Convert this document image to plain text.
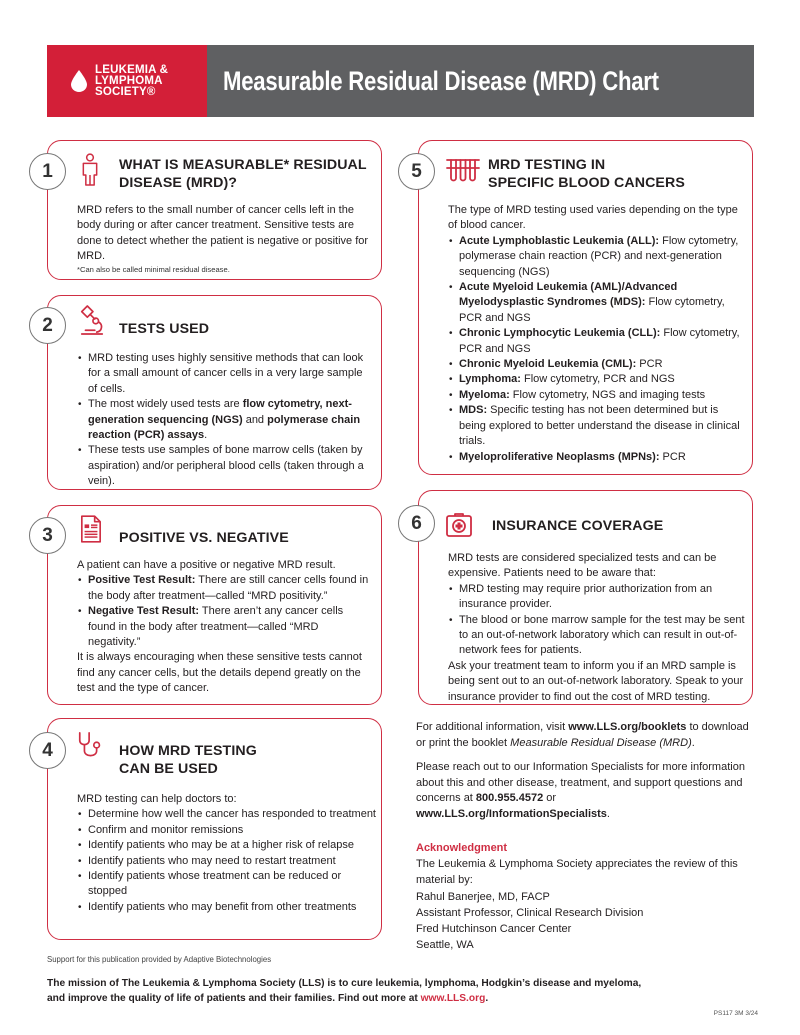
LEUKEMIA &
LYMPHOMA
SOCIETY®	Measurable Residual Disease (MRD) Chart
WHAT IS MEASURABLE* RESIDUAL
DISEASE (MRD)?

MRD refers to the small number of cancer cells left in the body during or after cancer treatment. Sensitive tests are done to detect whether the patient is negative or positive for MRD.

*Can also be called minimal residual disease.

1
TESTS USED
• MRD testing uses highly sensitive methods that can look for a small amount of cancer cells in a very large sample of cells.
• The most widely used tests are flow cytometry, next-generation sequencing (NGS) and polymerase chain reaction (PCR) assays.
• These tests use samples of bone marrow cells (taken by aspiration) and/or peripheral blood cells (taken through a vein).
2
POSITIVE VS. NEGATIVE

A patient can have a positive or negative MRD result.

• Positive Test Result: There are still cancer cells found in the body after treatment—called “MRD positivity.”
• Negative Test Result: There aren’t any cancer cells found in the body after treatment—called “MRD negativity.”

It is always encouraging when these sensitive tests cannot find any cancer cells, but the details depend greatly on the test and the type of cancer.

3
HOW MRD TESTING
CAN BE USED

MRD testing can help doctors to:

• Determine how well the cancer has responded to treatment
• Confirm and monitor remissions
• Identify patients who may be at a higher risk of relapse
• Identify patients who may need to restart treatment
• Identify patients whose treatment can be reduced or stopped
• Identify patients who may benefit from other treatments
4
MRD TESTING IN
SPECIFIC BLOOD CANCERS

The type of MRD testing used varies depending on the type of blood cancer.

• Acute Lymphoblastic Leukemia (ALL): Flow cytometry, polymerase chain reaction (PCR) and next-generation sequencing (NGS)
• Acute Myeloid Leukemia (AML)/Advanced Myelodysplastic Syndromes (MDS): Flow cytometry, PCR and NGS
• Chronic Lymphocytic Leukemia (CLL): Flow cytometry, PCR and NGS
• Chronic Myeloid Leukemia (CML): PCR
• Lymphoma: Flow cytometry, PCR and NGS
• Myeloma: Flow cytometry, NGS and imaging tests
• MDS: Specific testing has not been determined but is being explored to better understand the disease in clinical trials.
• Myeloproliferative Neoplasms (MPNs): PCR
5
INSURANCE COVERAGE

MRD tests are considered specialized tests and can be expensive. Patients need to be aware that:

• MRD testing may require prior authorization from an insurance provider.
• The blood or bone marrow sample for the test may be sent to an out-of-network laboratory which can result in out-of-network fees for patients.

Ask your treatment team to inform you if an MRD sample is being sent out to an out-of-network laboratory. Speak to your insurance provider to find out the cost of MRD testing.

6

For additional information, visit www.LLS.org/booklets to download or print the booklet Measurable Residual Disease (MRD).

Please reach out to our Information Specialists for more information about this and other disease, treatment, and support questions and concerns at 800.955.4572 or www.LLS.org/InformationSpecialists.

Acknowledgment

The Leukemia & Lymphoma Society appreciates the review of this material by:

Rahul Banerjee, MD, FACP

Assistant Professor, Clinical Research Division

Fred Hutchinson Cancer Center

Seattle, WA

Support for this publication provided by Adaptive Biotechnologies
The mission of The Leukemia & Lymphoma Society (LLS) is to cure leukemia, lymphoma, Hodgkin’s disease and myeloma,
and improve the quality of life of patients and their families. Find out more at www.LLS.org.
PS117 3M 3/24
